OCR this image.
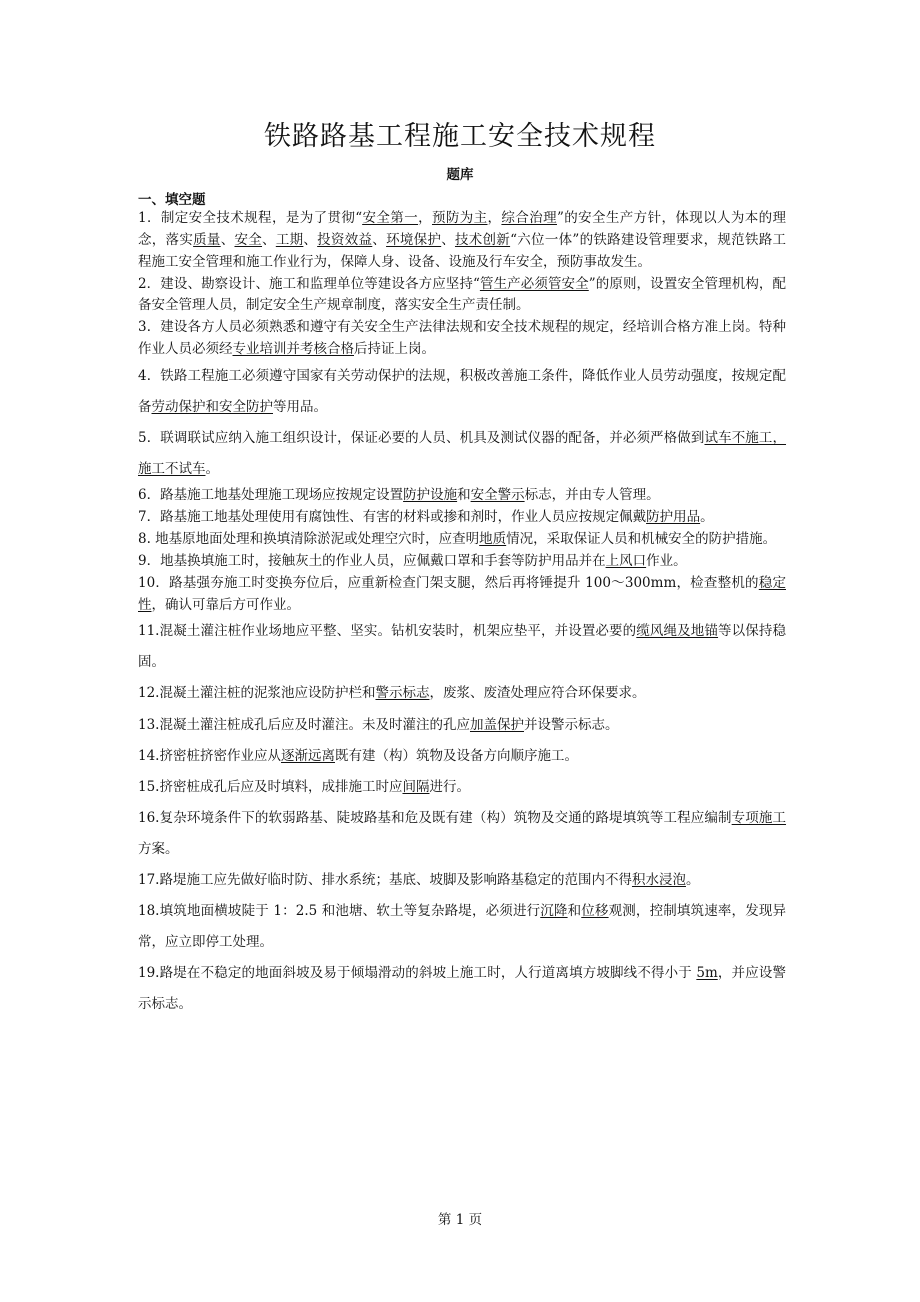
铁路路基工程施工安全技术规程
题库
一、填空题

1．制定安全技术规程，是为了贯彻“安全第一，预防为主，综合治理”的安全生产方针，体现以人为本的理念，落实质量、安全、工期、投资效益、环境保护、技术创新“六位一体”的铁路建设管理要求，规范铁路工程施工安全管理和施工作业行为，保障人身、设备、设施及行车安全，预防事故发生。

2．建设、勘察设计、施工和监理单位等建设各方应坚持“管生产必须管安全”的原则，设置安全管理机构，配备安全管理人员，制定安全生产规章制度，落实安全生产责任制。

3．建设各方人员必须熟悉和遵守有关安全生产法律法规和安全技术规程的规定，经培训合格方准上岗。特种作业人员必须经专业培训并考核合格后持证上岗。

4．铁路工程施工必须遵守国家有关劳动保护的法规，积极改善施工条件，降低作业人员劳动强度，按规定配备劳动保护和安全防护等用品。

5．联调联试应纳入施工组织设计，保证必要的人员、机具及测试仪器的配备，并必须严格做到试车不施工，施工不试车。

6．路基施工地基处理施工现场应按规定设置防护设施和安全警示标志，并由专人管理。

7．路基施工地基处理使用有腐蚀性、有害的材料或掺和剂时，作业人员应按规定佩戴防护用品。

8. 地基原地面处理和换填清除淤泥或处理空穴时，应查明地质情况，采取保证人员和机械安全的防护措施。

9．地基换填施工时，接触灰土的作业人员，应佩戴口罩和手套等防护用品并在上风口作业。

10．路基强夯施工时变换夯位后，应重新检查门架支腿，然后再将锤提升 100～300mm，检查整机的稳定性，确认可靠后方可作业。

11.混凝土灌注桩作业场地应平整、坚实。钻机安装时，机架应垫平，并设置必要的缆风绳及地锚等以保持稳固。

12.混凝土灌注桩的泥浆池应设防护栏和警示标志，废浆、废渣处理应符合环保要求。

13.混凝土灌注桩成孔后应及时灌注。未及时灌注的孔应加盖保护并设警示标志。

14.挤密桩挤密作业应从逐渐远离既有建（构）筑物及设备方向顺序施工。

15.挤密桩成孔后应及时填料，成排施工时应间隔进行。

16.复杂环境条件下的软弱路基、陡坡路基和危及既有建（构）筑物及交通的路堤填筑等工程应编制专项施工方案。

17.路堤施工应先做好临时防、排水系统；基底、坡脚及影响路基稳定的范围内不得积水浸泡。

18.填筑地面横坡陡于 1：2.5 和池塘、软土等复杂路堤，必须进行沉降和位移观测，控制填筑速率，发现异常，应立即停工处理。

19.路堤在不稳定的地面斜坡及易于倾塌滑动的斜坡上施工时，人行道离填方坡脚线不得小于 5m，并应设警示标志。

第 1 页
